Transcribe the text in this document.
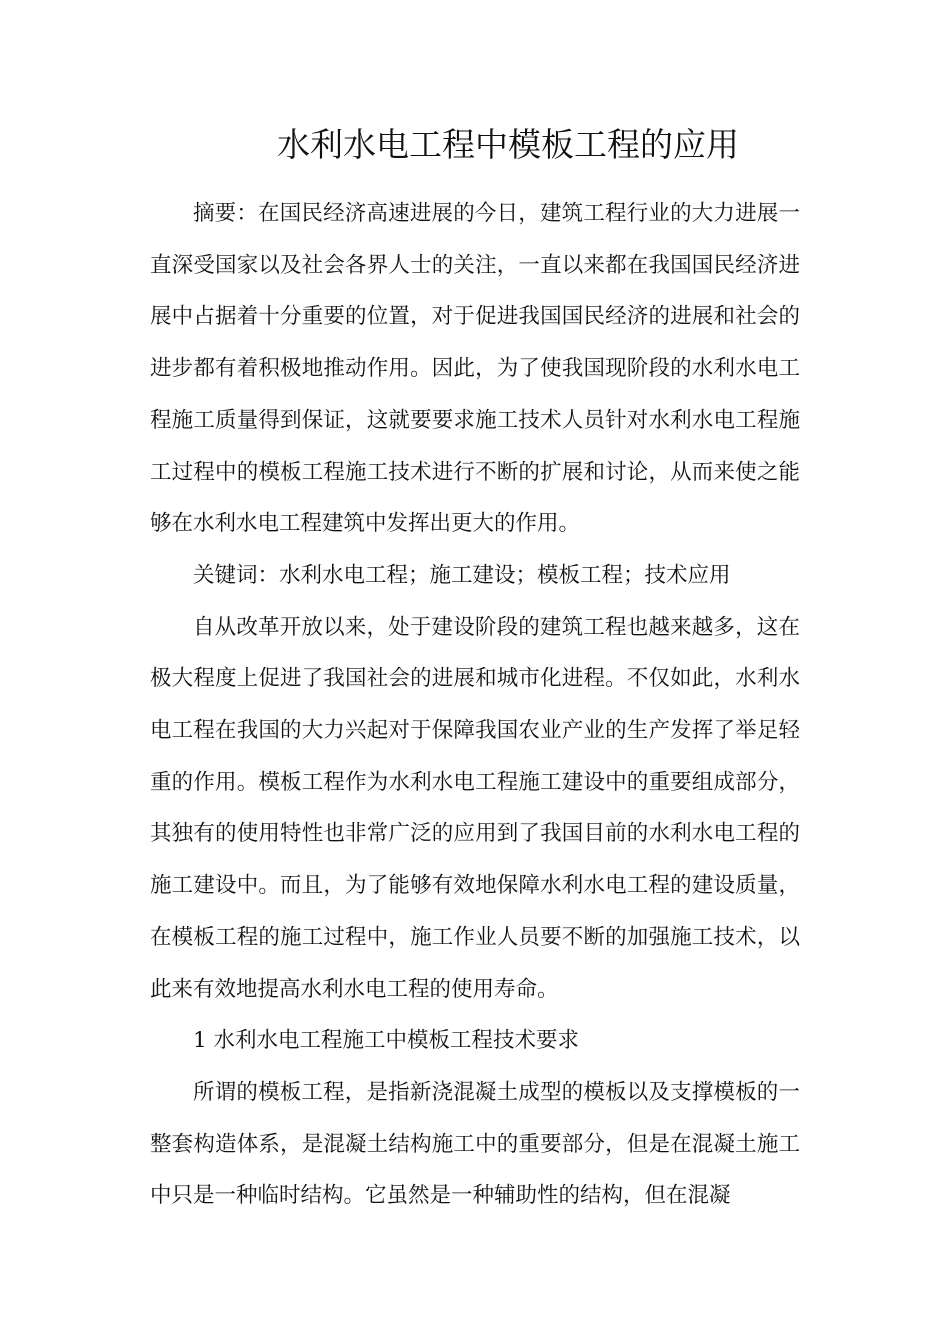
水利水电工程中模板工程的应用

摘要：在国民经济高速进展的今日，建筑工程行业的大力进展一直深受国家以及社会各界人士的关注，一直以来都在我国国民经济进展中占据着十分重要的位置，对于促进我国国民经济的进展和社会的进步都有着积极地推动作用。因此，为了使我国现阶段的水利水电工程施工质量得到保证，这就要要求施工技术人员针对水利水电工程施工过程中的模板工程施工技术进行不断的扩展和讨论，从而来使之能够在水利水电工程建筑中发挥出更大的作用。

关键词：水利水电工程；施工建设；模板工程；技术应用

自从改革开放以来，处于建设阶段的建筑工程也越来越多，这在极大程度上促进了我国社会的进展和城市化进程。不仅如此，水利水电工程在我国的大力兴起对于保障我国农业产业的生产发挥了举足轻重的作用。模板工程作为水利水电工程施工建设中的重要组成部分，其独有的使用特性也非常广泛的应用到了我国目前的水利水电工程的施工建设中。而且，为了能够有效地保障水利水电工程的建设质量，在模板工程的施工过程中，施工作业人员要不断的加强施工技术，以此来有效地提高水利水电工程的使用寿命。

1 水利水电工程施工中模板工程技术要求

所谓的模板工程，是指新浇混凝土成型的模板以及支撑模板的一整套构造体系，是混凝土结构施工中的重要部分，但是在混凝土施工中只是一种临时结构。它虽然是一种辅助性的结构，但在混凝
